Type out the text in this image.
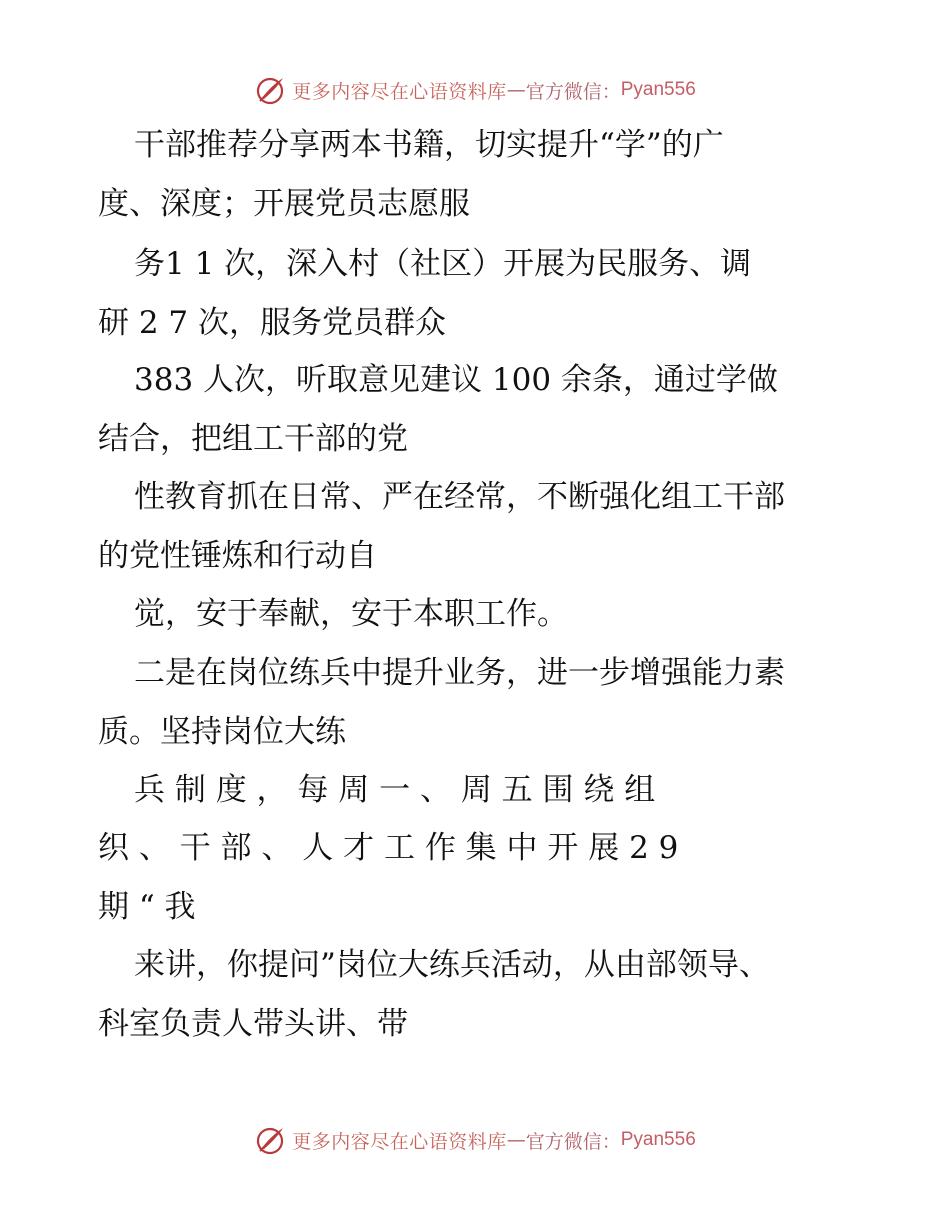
更多内容尽在心语资料库 — 官方微信： Pyan556
干部推荐分享两本书籍，切实提升“学”的广
度、深度；开展党员志愿服
务1 1 次，深入村（社区）开展为民服务、调
研 2 7 次，服务党员群众
383 人次，听取意见建议 100 余条，通过学做
结合，把组工干部的党
性教育抓在日常、严在经常，不断强化组工干部
的党性锤炼和行动自
觉，安于奉献，安于本职工作。
二是在岗位练兵中提升业务，进一步增强能力素
质。坚持岗位大练
兵 制 度 ， 每 周 一 、 周 五 围 绕 组
织 、 干 部 、 人 才 工 作 集 中 开 展 2 9
期 “ 我
来讲，你提问”岗位大练兵活动，从由部领导、
科室负责人带头讲、带
更多内容尽在心语资料库 — 官方微信： Pyan556
